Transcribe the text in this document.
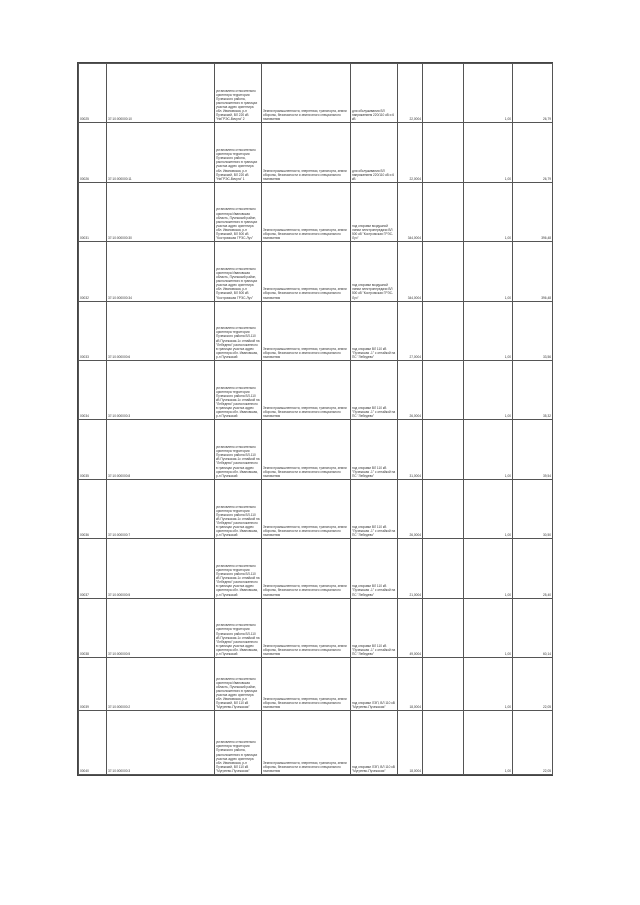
00025	37:10:000000:10	установлено относительно ориентира территории Пучежского района, расположенного в границах участка адрес ориентира обл. Ивановская, р-н Пучежский, ВЛ 220 кВ "НиГРЭС-Вичуга" 2	Земли промышленности, энергетики, транспорта, земли обороны, безопасности и земли иного специального назначения	для обслуживания ВЛ напряжением 220/110 кВ и 6 кВ	22,0004		1,00	26,79
00026	37:10:000000:11	установлено относительно ориентира территории Пучежского района, расположенного в границах участка адрес ориентира обл. Ивановская, р-н Пучежский, ВЛ 220 кВ "НиГРЭС-Вичуга" 1	Земли промышленности, энергетики, транспорта, земли обороны, безопасности и земли иного специального назначения	для обслуживания ВЛ напряжением 220/110 кВ и 6 кВ	22,0004		1,00	26,79
00031	37:10:000000:30	установлено относительно ориентира Ивановская область, Пучежский район, расположенного в границах участка адрес ориентира обл. Ивановская, р-н Пучежский, ВЛ 500 кВ "Костромская ГРЭС-Луч"	Земли промышленности, энергетики, транспорта, земли обороны, безопасности и земли иного специального назначения	под опорами воздушной линии электропередачи ВЛ 500 кВ "Костромская ГРЭС-Луч"	344,0004		1,00	396,48
00032	37:10:000000:34	установлено относительно ориентира Ивановская область, Пучежский район, расположенного в границах участка адрес ориентира обл. Ивановская, р-н Пучежский, ВЛ 500 кВ "Костромская ГРЭС-Луч"	Земли промышленности, энергетики, транспорта, земли обороны, безопасности и земли иного специального назначения	под опорами воздушной линии электропередачи ВЛ 500 кВ "Костромская ГРЭС-Луч"	344,0004		1,00	396,48
00033	37:10:000000:6	установлено относительно ориентира территории Пучежского района ВЛ-110 кВ Пучежская-1с отпайкой на "Лебедево" расположенного в границах участка адрес ориентира обл. Ивановская, р-н Пучежский	Земли промышленности, энергетики, транспорта, земли обороны, безопасности и земли иного специального назначения	под опорами ВЛ 110 кВ "Пучежская -1" с отпайкой на ПС "Лебедево"	27,0004		1,00	33,56
00034	37:10:000000:3	установлено относительно ориентира территории Пучежского района ВЛ-110 кВ Пучежская-1с отпайкой на "Лебедево" расположенного в границах участка адрес ориентира обл. Ивановская, р-н Пучежский	Земли промышленности, энергетики, транспорта, земли обороны, безопасности и земли иного специального назначения	под опорами ВЛ 110 кВ "Пучежская -1" с отпайкой на ПС "Лебедево"	26,0004		1,00	35,32
00035	37:10:000000:8	установлено относительно ориентира территории Пучежского района ВЛ-110 кВ Пучежская-1с отпайкой на "Лебедево" расположенного в границах участка адрес ориентира обл. Ивановская, р-н Пучежский	Земли промышленности, энергетики, транспорта, земли обороны, безопасности и земли иного специального назначения	под опорами ВЛ 110 кВ "Пучежская -1" с отпайкой на ПС "Лебедево"	31,0004		1,00	39,54
00036	37:10:000000:7	установлено относительно ориентира территории Пучежского района ВЛ-110 кВ Пучежская-1с отпайкой на "Лебедево" расположенного в границах участка адрес ориентира обл. Ивановская, р-н Пучежский	Земли промышленности, энергетики, транспорта, земли обороны, безопасности и земли иного специального назначения	под опорами ВЛ 110 кВ "Пучежская -1" с отпайкой на ПС "Лебедево"	26,0004		1,00	30,50
00037	37:10:000000:5	установлено относительно ориентира территории Пучежского района ВЛ-110 кВ Пучежская-1с отпайкой на "Лебедево" расположенного в границах участка адрес ориентира обл. Ивановская, р-н Пучежский	Земли промышленности, энергетики, транспорта, земли обороны, безопасности и земли иного специального назначения	под опорами ВЛ 110 кВ "Пучежская -1" с отпайкой на ПС "Лебедево"	21,0004		1,00	25,40
00038	37:10:000000:5	установлено относительно ориентира территории Пучежского района ВЛ-110 кВ Пучежская-1с отпайкой на "Лебедево" расположенного в границах участка адрес ориентира обл. Ивановская, р-н Пучежский	Земли промышленности, энергетики, транспорта, земли обороны, безопасности и земли иного специального назначения	под опорами ВЛ 110 кВ "Пучежская -1" с отпайкой на ПС "Лебедево"	49,0004		1,00	60,14
00039	37:10:000000:2	установлено относительно ориентира Ивановская область, Пучежский район, расположенного в границах участка адрес ориентира обл. Ивановская, р-н Пучежский, ВЛ 110 кВ "Мугреево-Пучежская"	Земли промышленности, энергетики, транспорта, земли обороны, безопасности и земли иного специального назначения	под опорами ЛЭП, ВЛ 110 кВ "Мугреево-Пучежская"	18,0004		1,00	22,05
00040	37:10:000000:3	установлено относительно ориентира территории Пучежского района, расположенного в границах участка адрес ориентира обл. Ивановская, р-н Пучежский, ВЛ 110 кВ "Мугреево-Пучежская"	Земли промышленности, энергетики, транспорта, земли обороны, безопасности и земли иного специального назначения	под опорами ЛЭП, ВЛ 110 кВ "Мугреево-Пучежская"	18,0004		1,00	22,05
